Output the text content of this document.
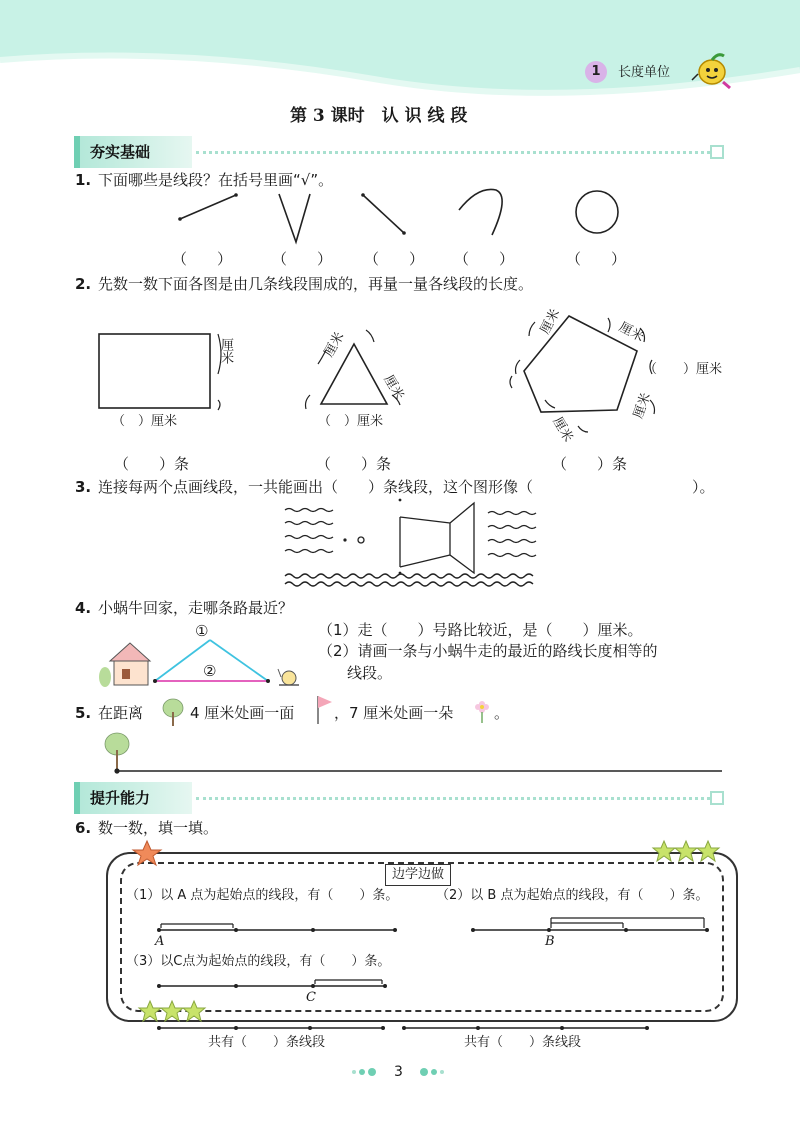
1	长度单位
第 3 课时　认 识 线 段
夯实基础
1. 下面哪些是线段？在括号里画“√”。
（　　）	（　　） （　　） （　　）	（　　）
2. 先数一数下面各图是由几条线段围成的，再量一量各线段的长度。
（　）厘米
厘米	厘米
厘米
（　）厘米
厘米	厘米
厘米
厘米
（　　）厘米
（　　）条	（　　）条	（　　）条
3. 连接每两个点画线段，一共能画出（　　）条线段，这个图形像（	）。
4. 小蜗牛回家，走哪条路最近？
①
②
（1）走（　　）号路比较近，是（　　）厘米。
（2）请画一条与小蜗牛走的最近的路线长度相等的
线段。
5. 在距离	4 厘米处画一面	，7 厘米处画一朵	。
提升能力
6. 数一数，填一填。
边学边做
（1）以 A 点为起始点的线段，有（　　）条。	（2）以 B 点为起始点的线段，有（　　）条。
A	B
（3）以C点为起始点的线段，有（　　）条。
C
共有（　　）条线段	共有（　　）条线段
3
